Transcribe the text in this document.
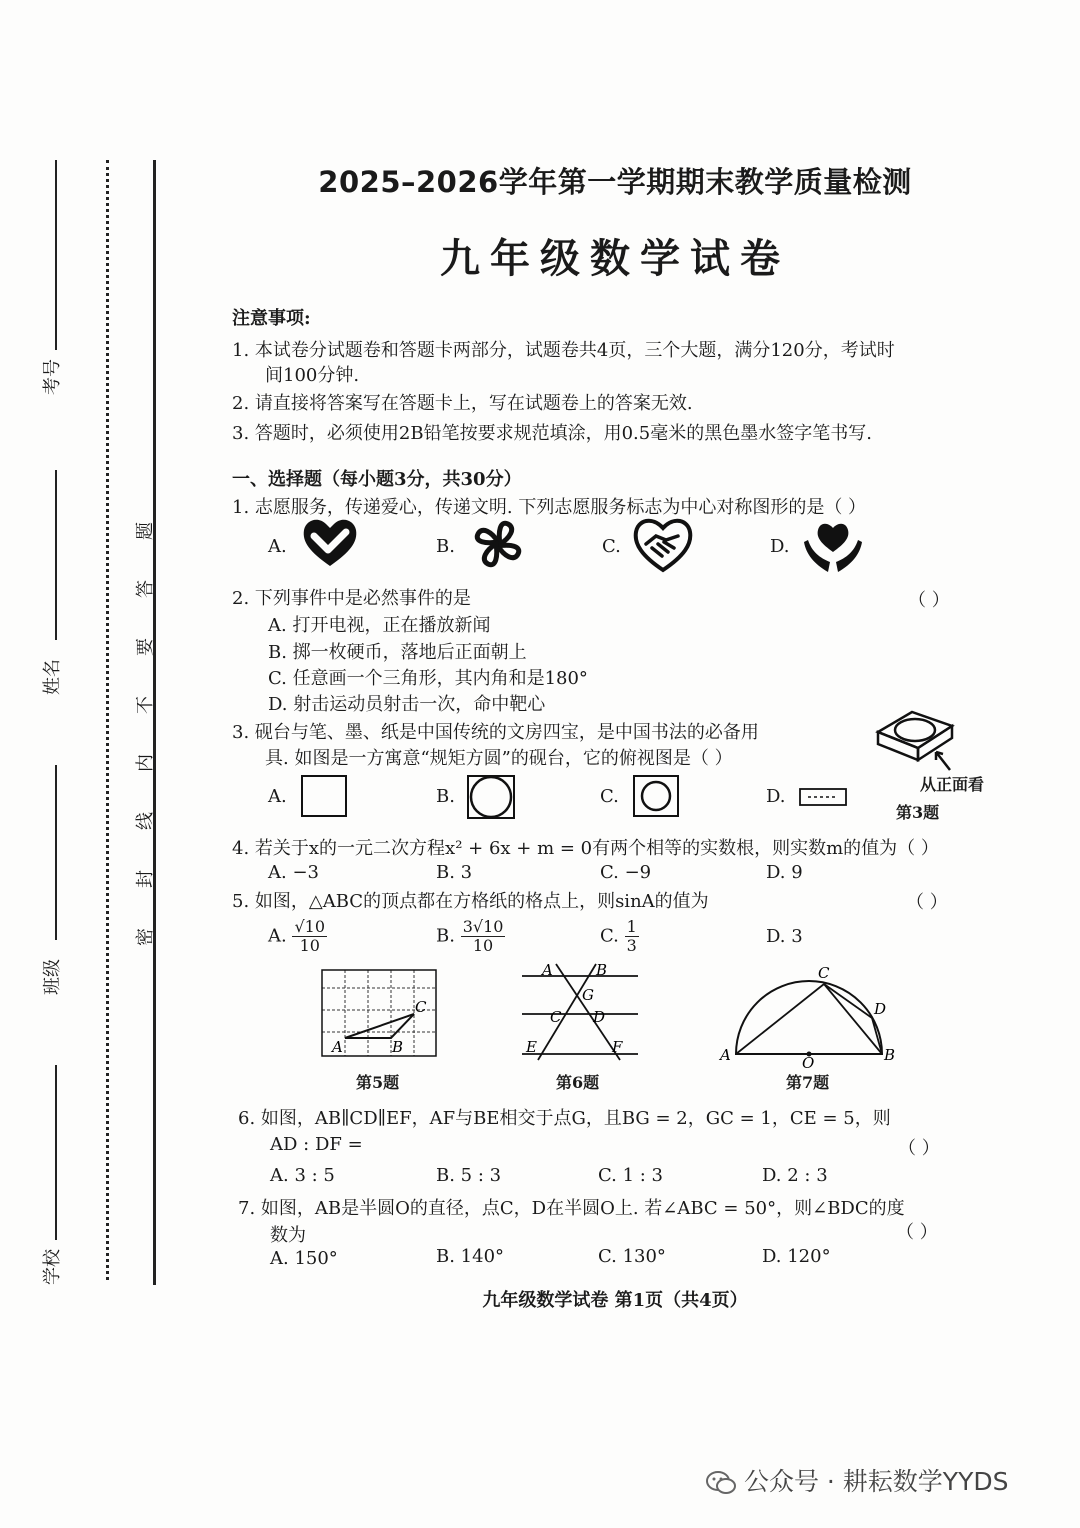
考号
姓名
班级
学校
密
封
线
内
不
要
答
题
2025–2026学年第一学期期末教学质量检测
九年级数学试卷
注意事项:
1. 本试卷分试题卷和答题卡两部分，试题卷共4页，三个大题，满分120分，考试时
间100分钟.
2. 请直接将答案写在答题卡上，写在试题卷上的答案无效.
3. 答题时，必须使用2B铅笔按要求规范填涂，用0.5毫米的黑色墨水签字笔书写.
一、选择题（每小题3分，共30分）
1. 志愿服务，传递爱心，传递文明. 下列志愿服务标志为中心对称图形的是（ ）
A.	B.	C.	D.
2. 下列事件中是必然事件的是	（ ）
A. 打开电视，正在播放新闻
B. 掷一枚硬币，落地后正面朝上
C. 任意画一个三角形，其内角和是180°
D. 射击运动员射击一次，命中靶心
3. 砚台与笔、墨、纸是中国传统的文房四宝，是中国书法的必备用
具. 如图是一方寓意“规矩方圆”的砚台，它的俯视图是（ ）
从正面看
第3题
A.	B.	C.	D.
4. 若关于x的一元二次方程x² + 6x + m = 0有两个相等的实数根，则实数m的值为（ ）
A. −3	B. 3	C. −9	D. 9
5. 如图，△ABC的顶点都在方格纸的格点上，则sinA的值为	（ ）
A. $\frac{√10}{10}$	B. $\frac{3√10}{10}$	C. $\frac{1}{3}$	D. 3
A	B
C
第5题
A	B
G
C D
E	F
第6题
C
D
A	O	B
第7题
6. 如图，AB∥CD∥EF，AF与BE相交于点G，且BG = 2，GC = 1，CE = 5，则
AD : DF =	（ ）
A. 3 : 5	B. 5 : 3	C. 1 : 3	D. 2 : 3
7. 如图，AB是半圆O的直径，点C，D在半圆O上. 若∠ABC = 50°，则∠BDC的度
数为	（ ）
A. 150°	B. 140°	C. 130°	D. 120°
九年级数学试卷 第1页（共4页）
公众号 · 耕耘数学YYDS
